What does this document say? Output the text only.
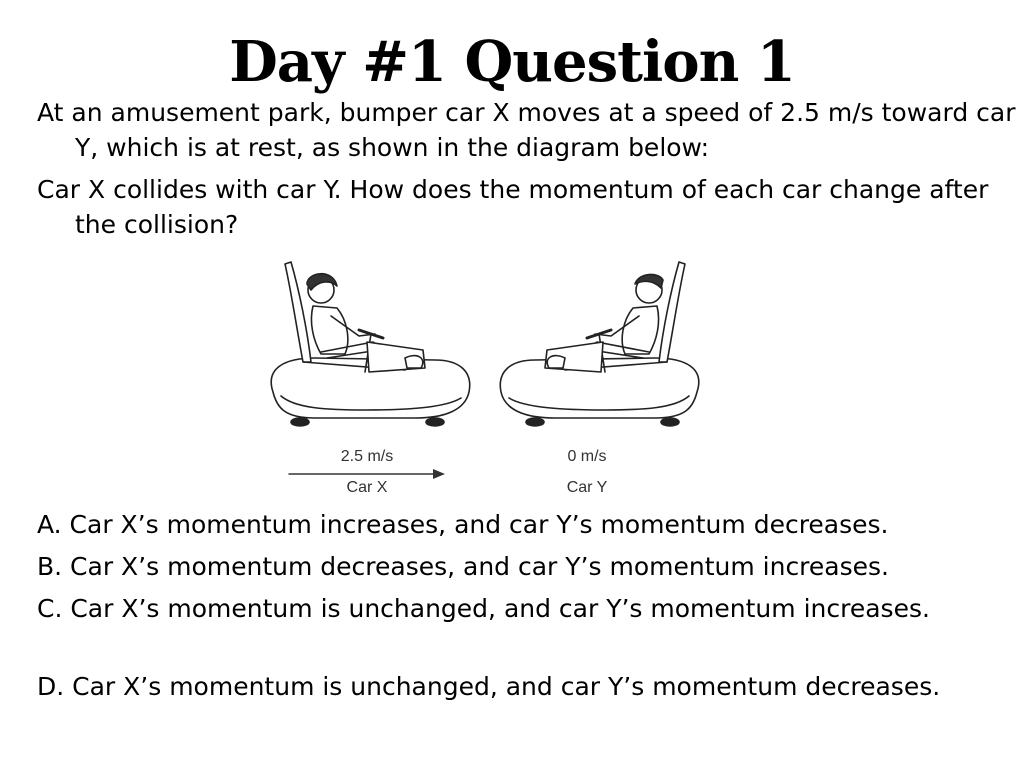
Day #1 Question 1

At an amusement park, bumper car X moves at a speed of 2.5 m/s toward car Y, which is at rest, as shown in the diagram below:

Car X collides with car Y. How does the momentum of each car change after the collision?

2.5 m/s
Car X
0 m/s
Car Y

A. Car X’s momentum increases, and car Y’s momentum decreases.

B. Car X’s momentum decreases, and car Y’s momentum increases.

C. Car X’s momentum is unchanged, and car Y’s momentum increases.

D. Car X’s momentum is unchanged, and car Y’s momentum decreases.
